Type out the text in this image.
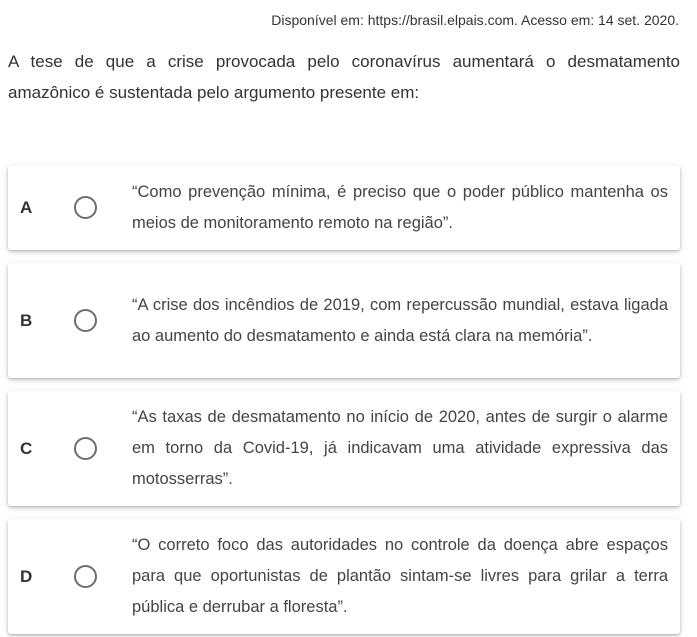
Disponível em: https://brasil.elpais.com. Acesso em: 14 set. 2020.
A tese de que a crise provocada pelo coronavírus aumentará o desmatamento amazônico é sustentada pelo argumento presente em:
A
“Como prevenção mínima, é preciso que o poder público mantenha os meios de monitoramento remoto na região”.
B
“A crise dos incêndios de 2019, com repercussão mundial, estava ligada ao aumento do desmatamento e ainda está clara na memória”.
C
“As taxas de desmatamento no início de 2020, antes de surgir o alarme em torno da Covid-19, já indicavam uma atividade expressiva das motosserras”.
D
“O correto foco das autoridades no controle da doença abre espaços para que oportunistas de plantão sintam-se livres para grilar a terra pública e derrubar a floresta”.
